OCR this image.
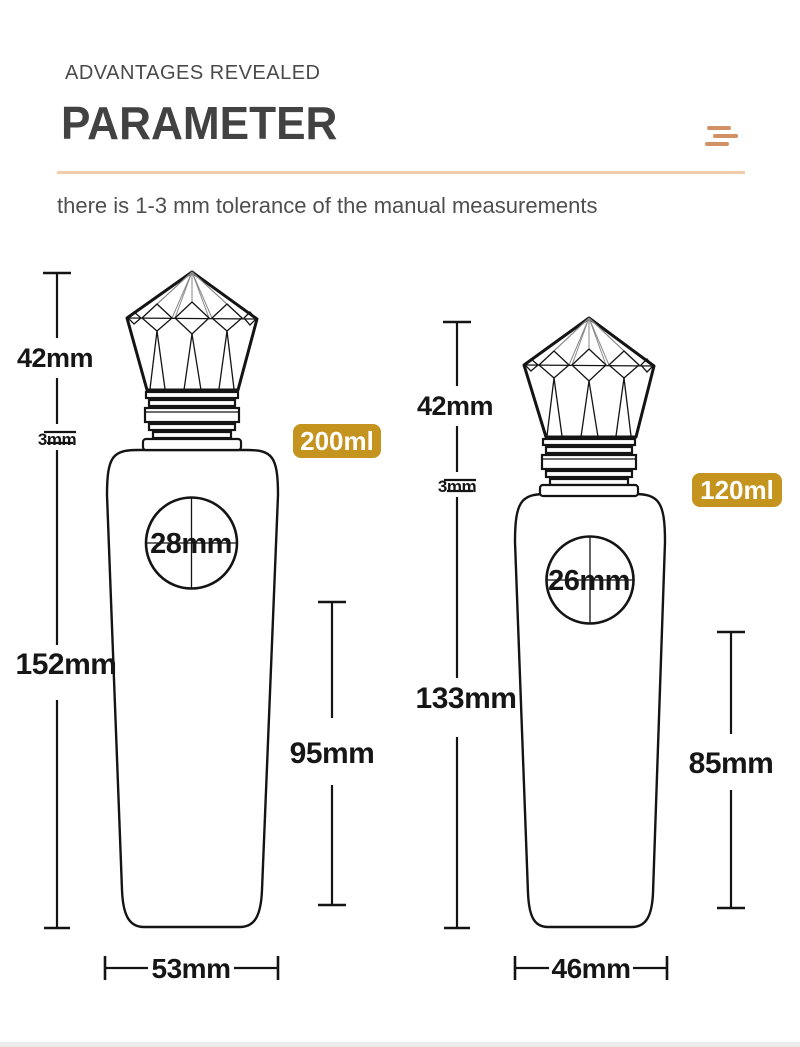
ADVANTAGES REVEALED
PARAMETER
there is 1-3 mm tolerance of the manual measurements
28mm
200ml
42mm
3mm
152mm
95mm
53mm
26mm
120ml
42mm
3mm
133mm
85mm
46mm
